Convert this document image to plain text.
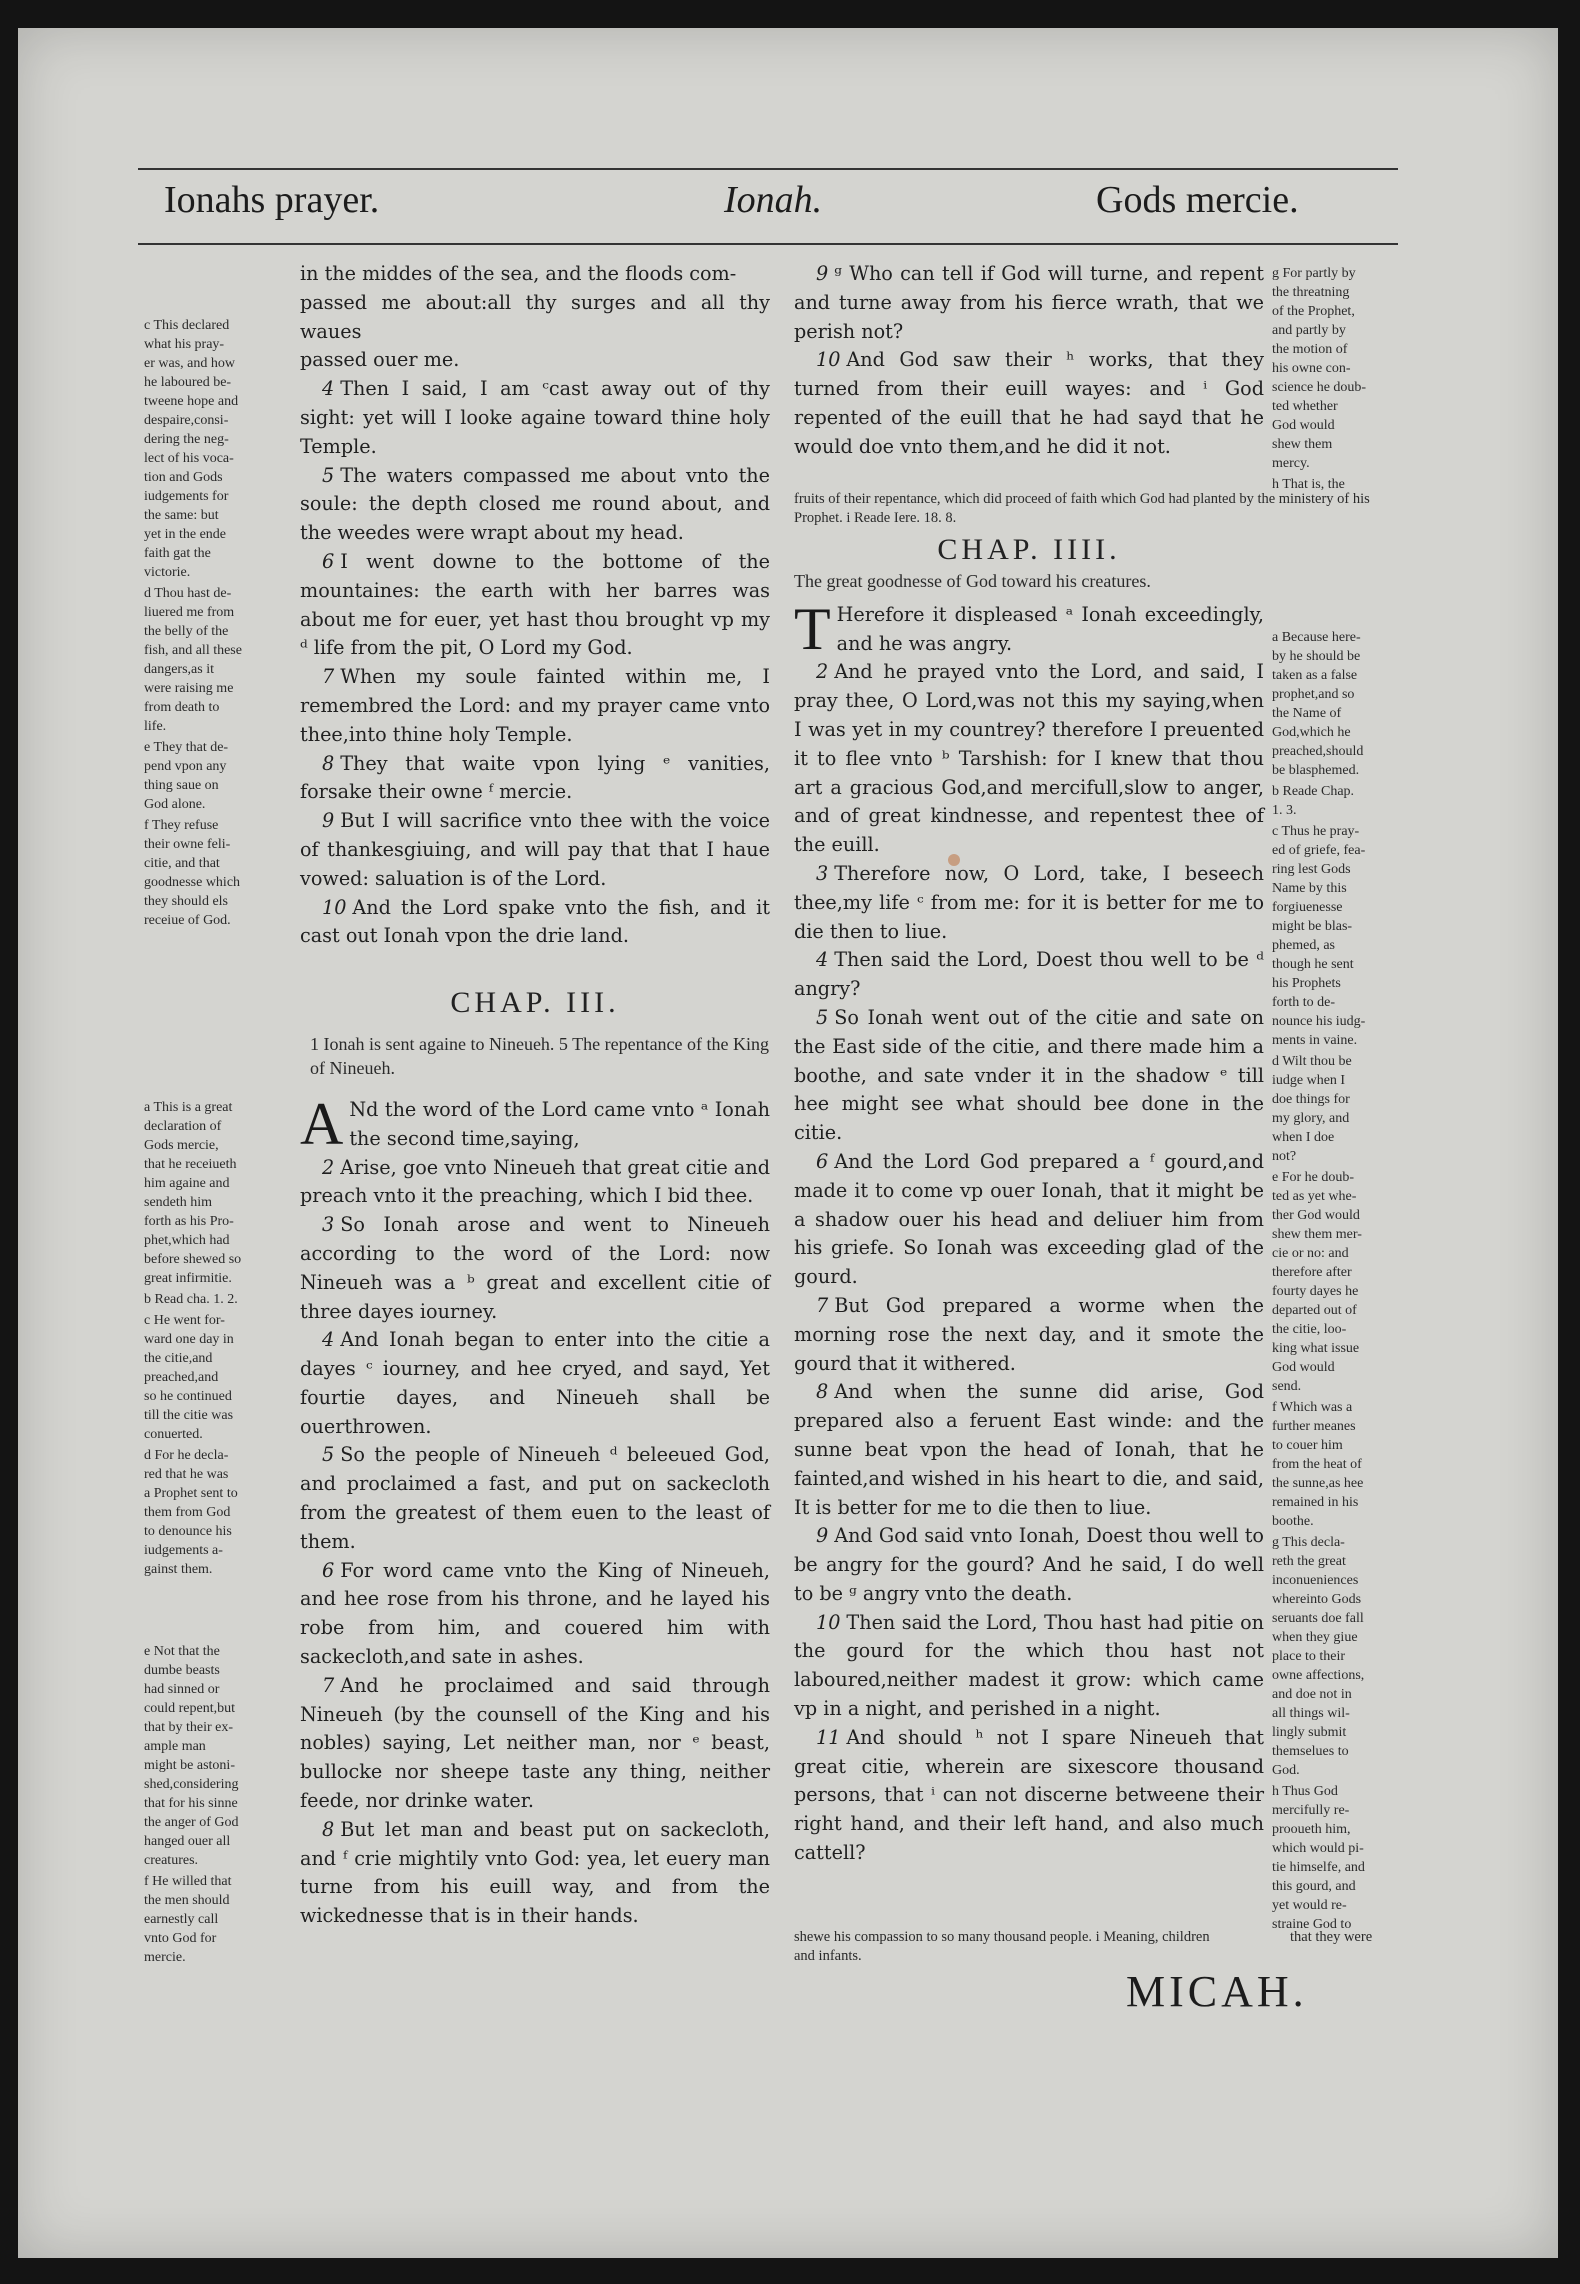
Ionahs prayer.	Ionah.	Gods mercie.
c This declared
what his pray-
er was, and how
he laboured be-
tweene hope and
despaire,consi-
dering the neg-
lect of his voca-
tion and Gods
iudgements for
the same: but
yet in the ende
faith gat the
victorie.
d Thou hast de-
liuered me from
the belly of the
fish, and all these
dangers,as it
were raising me
from death to
life.
e They that de-
pend vpon any
thing saue on
God alone.
f They refuse
their owne feli-
citie, and that
goodnesse which
they should els
receiue of God.
a This is a great
declaration of
Gods mercie,
that he receiueth
him againe and
sendeth him
forth as his Pro-
phet,which had
before shewed so
great infirmitie.
b Read cha. 1. 2.
c He went for-
ward one day in
the citie,and
preached,and
so he continued
till the citie was
conuerted.
d For he decla-
red that he was
a Prophet sent to
them from God
to denounce his
iudgements a-
gainst them.
e Not that the
dumbe beasts
had sinned or
could repent,but
that by their ex-
ample man
might be astoni-
shed,considering
that for his sinne
the anger of God
hanged ouer all
creatures.
f He willed that
the men should
earnestly call
vnto God for
mercie.

in the middes of the sea, and the floods com-
passed me about:all thy surges and all thy waues
passed ouer me.

4 Then I said, I am ᶜcast away out of thy sight: yet will I looke againe toward thine holy Temple.

5 The waters compassed me about vnto the soule: the depth closed me round about, and the weedes were wrapt about my head.

6 I went downe to the bottome of the mountaines: the earth with her barres was about me for euer, yet hast thou brought vp my ᵈ life from the pit, O Lord my God.

7 When my soule fainted within me, I remembred the Lord: and my prayer came vnto thee,into thine holy Temple.

8 They that waite vpon lying ᵉ vanities, forsake their owne ᶠ mercie.

9 But I will sacrifice vnto thee with the voice of thankesgiuing, and will pay that that I haue vowed: saluation is of the Lord.

10 And the Lord spake vnto the fish, and it cast out Ionah vpon the drie land.

CHAP. III.
1 Ionah is sent againe to Nineueh. 5 The repentance of the King of Nineueh.

A Nd the word of the Lord came vnto ᵃ Ionah the second time,saying,

2 Arise, goe vnto Nineueh that great citie and preach vnto it the preaching, which I bid thee.

3 So Ionah arose and went to Nineueh according to the word of the Lord: now Nineueh was a ᵇ great and excellent citie of three dayes iourney.

4 And Ionah began to enter into the citie a dayes ᶜ iourney, and hee cryed, and sayd, Yet fourtie dayes, and Nineueh shall be ouerthrowen.

5 So the people of Nineueh ᵈ beleeued God, and proclaimed a fast, and put on sackecloth from the greatest of them euen to the least of them.

6 For word came vnto the King of Nineueh, and hee rose from his throne, and he layed his robe from him, and couered him with sackecloth,and sate in ashes.

7 And he proclaimed and said through Nineueh (by the counsell of the King and his nobles) saying, Let neither man, nor ᵉ beast, bullocke nor sheepe taste any thing, neither feede, nor drinke water.

8 But let man and beast put on sackecloth, and ᶠ crie mightily vnto God: yea, let euery man turne from his euill way, and from the wickednesse that is in their hands.

9 ᵍ Who can tell if God will turne, and repent and turne away from his fierce wrath, that we perish not?

10 And God saw their ʰ works, that they turned from their euill wayes: and ⁱ God repented of the euill that he had sayd that he would doe vnto them,and he did it not.

fruits of their repentance, which did proceed of faith which God had planted by the ministery of his Prophet. i Reade Iere. 18. 8.
CHAP. IIII.
The great goodnesse of God toward his creatures.

T Herefore it displeased ᵃ Ionah exceedingly, and he was angry.

2 And he prayed vnto the Lord, and said, I pray thee, O Lord,was not this my saying,when I was yet in my countrey? therefore I preuented it to flee vnto ᵇ Tarshish: for I knew that thou art a gracious God,and mercifull,slow to anger, and of great kindnesse, and repentest thee of the euill.

3 Therefore now, O Lord, take, I beseech thee,my life ᶜ from me: for it is better for me to die then to liue.

4 Then said the Lord, Doest thou well to be ᵈ angry?

5 So Ionah went out of the citie and sate on the East side of the citie, and there made him a boothe, and sate vnder it in the shadow ᵉ till hee might see what should bee done in the citie.

6 And the Lord God prepared a ᶠ gourd,and made it to come vp ouer Ionah, that it might be a shadow ouer his head and deliuer him from his griefe. So Ionah was exceeding glad of the gourd.

7 But God prepared a worme when the morning rose the next day, and it smote the gourd that it withered.

8 And when the sunne did arise, God prepared also a feruent East winde: and the sunne beat vpon the head of Ionah, that he fainted,and wished in his heart to die, and said, It is better for me to die then to liue.

9 And God said vnto Ionah, Doest thou well to be angry for the gourd? And he said, I do well to be ᵍ angry vnto the death.

10 Then said the Lord, Thou hast had pitie on the gourd for the which thou hast not laboured,neither madest it grow: which came vp in a night, and perished in a night.

11 And should ʰ not I spare Nineueh that great citie, wherein are sixescore thousand persons, that ⁱ can not discerne betweene their right hand, and their left hand, and also much cattell?

shewe his compassion to so many thousand people. i Meaning, children and infants.
that they were
g For partly by
the threatning
of the Prophet,
and partly by
the motion of
his owne con-
science he doub-
ted whether
God would
shew them
mercy.
h That is, the
a Because here-
by he should be
taken as a false
prophet,and so
the Name of
God,which he
preached,should
be blasphemed.
b Reade Chap.
1. 3.
c Thus he pray-
ed of griefe, fea-
ring lest Gods
Name by this
forgiuenesse
might be blas-
phemed, as
though he sent
his Prophets
forth to de-
nounce his iudg-
ments in vaine.
d Wilt thou be
iudge when I
doe things for
my glory, and
when I doe
not?
e For he doub-
ted as yet whe-
ther God would
shew them mer-
cie or no: and
therefore after
fourty dayes he
departed out of
the citie, loo-
king what issue
God would
send.
f Which was a
further meanes
to couer him
from the heat of
the sunne,as hee
remained in his
boothe.
g This decla-
reth the great
inconueniences
whereinto Gods
seruants doe fall
when they giue
place to their
owne affections,
and doe not in
all things wil-
lingly submit
themselues to
God.
h Thus God
mercifully re-
prooueth him,
which would pi-
tie himselfe, and
this gourd, and
yet would re-
straine God to
MICAH.
